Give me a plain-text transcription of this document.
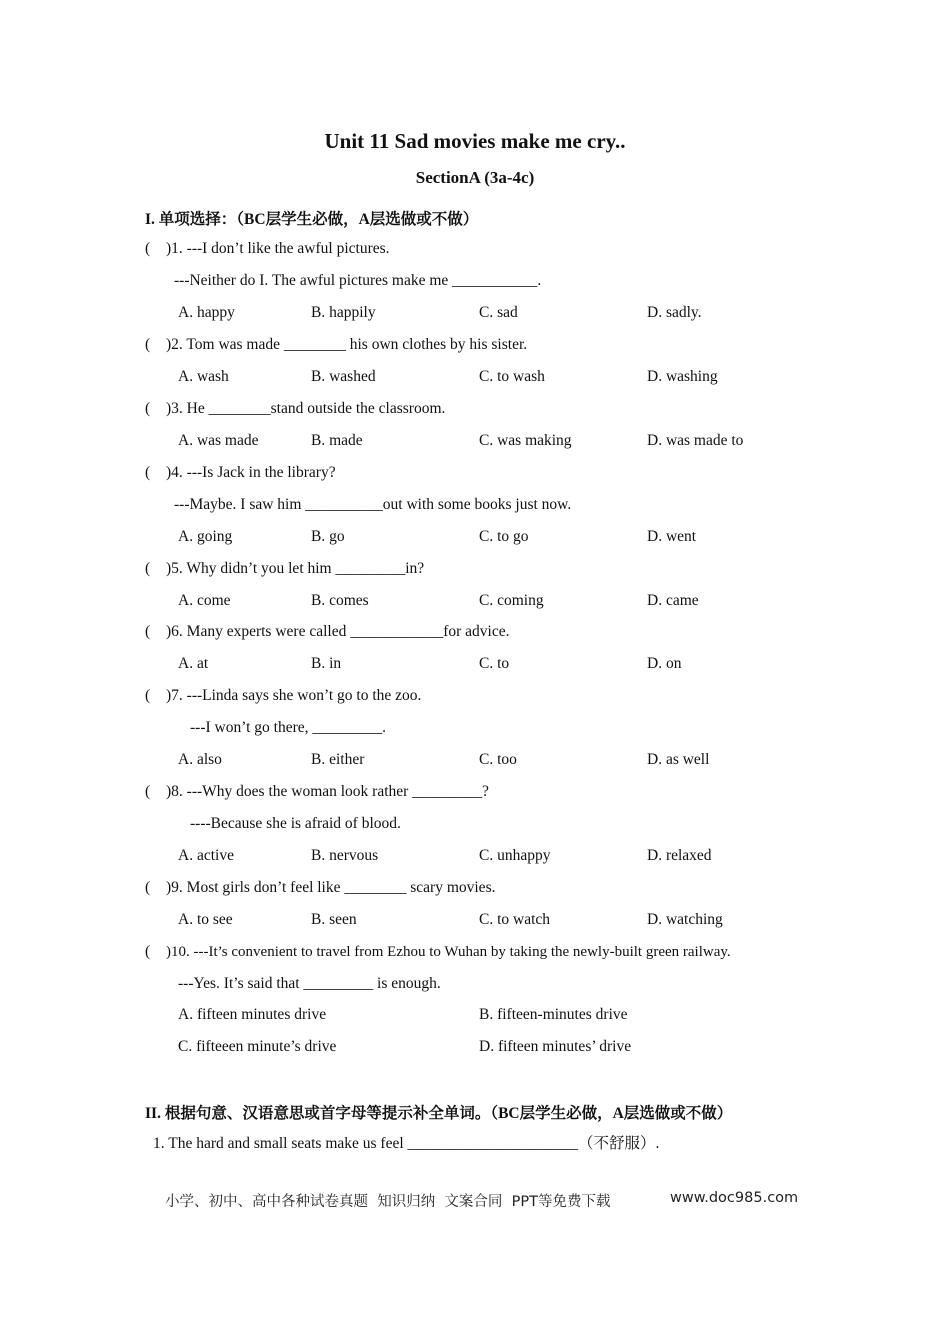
Unit 11 Sad movies make me cry..
SectionA (3a-4c)
I. 单项选择：（BC层学生必做，A层选做或不做）
( )1. ---I don’t like the awful pictures.
---Neither do I. The awful pictures make me ___________.
A. happy	B. happily	C. sad	D. sadly.
( )2. Tom was made ________ his own clothes by his sister.
A. wash	B. washed	C. to wash	D. washing
( )3. He ________stand outside the classroom.
A. was made	B. made	C. was making	D. was made to
( )4. ---Is Jack in the library?
---Maybe. I saw him __________out with some books just now.
A. going	B. go	C. to go	D. went
( )5. Why didn’t you let him _________in?
A. come	B. comes	C. coming	D. came
( )6. Many experts were called ____________for advice.
A. at	B. in	C. to	D. on
( )7. ---Linda says she won’t go to the zoo.
---I won’t go there, _________.
A. also	B. either	C. too	D. as well
( )8. ---Why does the woman look rather _________?
----Because she is afraid of blood.
A. active	B. nervous	C. unhappy	D. relaxed
( )9. Most girls don’t feel like ________ scary movies.
A. to see	B. seen	C. to watch	D. watching
( )10. ---It’s convenient to travel from Ezhou to Wuhan by taking the newly-built green railway.
---Yes. It’s said that _________ is enough.
A. fifteen minutes drive	B. fifteen-minutes drive
C. fifteeen minute’s drive	D. fifteen minutes’ drive
II. 根据句意、汉语意思或首字母等提示补全单词。（BC层学生必做，A层选做或不做）
1. The hard and small seats make us feel ______________________（不舒服）.
小学、初中、高中各种试卷真题  知识归纳  文案合同  PPT等免费下载	www.doc985.com
